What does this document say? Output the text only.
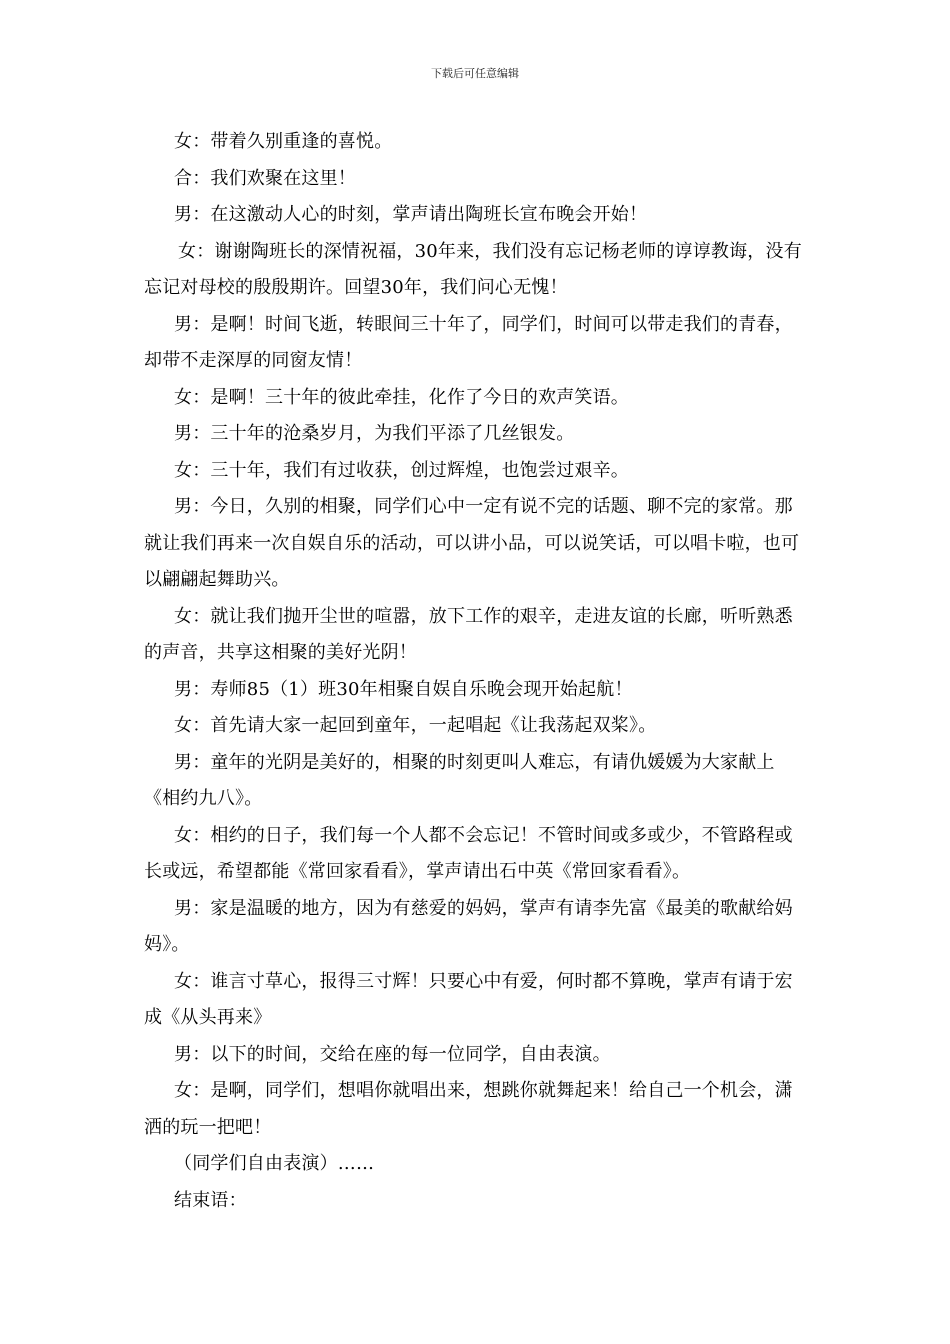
下载后可任意编辑

女：带着久别重逢的喜悦。

合：我们欢聚在这里！

男：在这激动人心的时刻，掌声请出陶班长宣布晚会开始！

女：谢谢陶班长的深情祝福，30年来，我们没有忘记杨老师的谆谆教诲，没有忘记对母校的殷殷期许。回望30年，我们问心无愧！

男：是啊！时间飞逝，转眼间三十年了，同学们，时间可以带走我们的青春，却带不走深厚的同窗友情！

女：是啊！三十年的彼此牵挂，化作了今日的欢声笑语。

男：三十年的沧桑岁月，为我们平添了几丝银发。

女：三十年，我们有过收获，创过辉煌，也饱尝过艰辛。

男：今日，久别的相聚，同学们心中一定有说不完的话题、聊不完的家常。那就让我们再来一次自娱自乐的活动，可以讲小品，可以说笑话，可以唱卡啦，也可以翩翩起舞助兴。

女：就让我们抛开尘世的喧嚣，放下工作的艰辛，走进友谊的长廊，听听熟悉的声音，共享这相聚的美好光阴！

男：寿师85（1）班30年相聚自娱自乐晚会现开始起航！

女：首先请大家一起回到童年，一起唱起《让我荡起双桨》。

男：童年的光阴是美好的，相聚的时刻更叫人难忘，有请仇媛媛为大家献上《相约九八》。

女：相约的日子，我们每一个人都不会忘记！不管时间或多或少，不管路程或长或远，希望都能《常回家看看》，掌声请出石中英《常回家看看》。

男：家是温暖的地方，因为有慈爱的妈妈，掌声有请李先富《最美的歌献给妈妈》。

女：谁言寸草心，报得三寸辉！只要心中有爱，何时都不算晚，掌声有请于宏成《从头再来》

男：以下的时间，交给在座的每一位同学，自由表演。

女：是啊，同学们，想唱你就唱出来，想跳你就舞起来！给自己一个机会，潇洒的玩一把吧！

（同学们自由表演）……

结束语：
